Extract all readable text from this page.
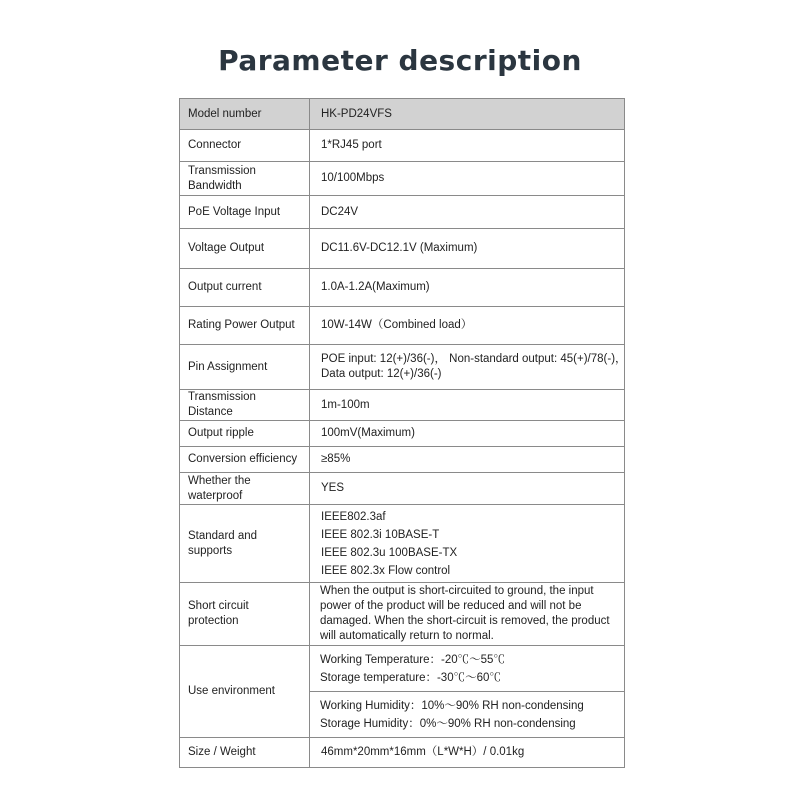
Parameter description
Model number	HK-PD24VFS
Connector	1*RJ45 port
Transmission Bandwidth	10/100Mbps
PoE Voltage Input	DC24V
Voltage Output	DC11.6V-DC12.1V (Maximum)
Output current	1.0A-1.2A(Maximum)
Rating Power Output	10W-14W（Combined load）
Pin Assignment	POE input: 12(+)/36(-)， Non-standard output: 45(+)/78(-)，
Data output: 12(+)/36(-)

Transmission Distance	1m-100m
Output ripple	100mV(Maximum)
Conversion efficiency	≥85%
Whether the waterproof	YES
Standard and supports	IEEE802.3af
IEEE 802.3i 10BASE-T
IEEE 802.3u 100BASE-TX
IEEE 802.3x Flow control

Short circuit protection	When the output is short-circuited to ground, the input power of the product will be reduced and will not be damaged. When the short-circuit is removed, the product will automatically return to normal.

Use environment	Working Temperature：-20℃～55℃
Storage temperature：-30℃～60℃

	Working Humidity：10%～90% RH non-condensing
Storage Humidity：0%～90% RH non-condensing

Size / Weight	46mm*20mm*16mm（L*W*H）/ 0.01kg
